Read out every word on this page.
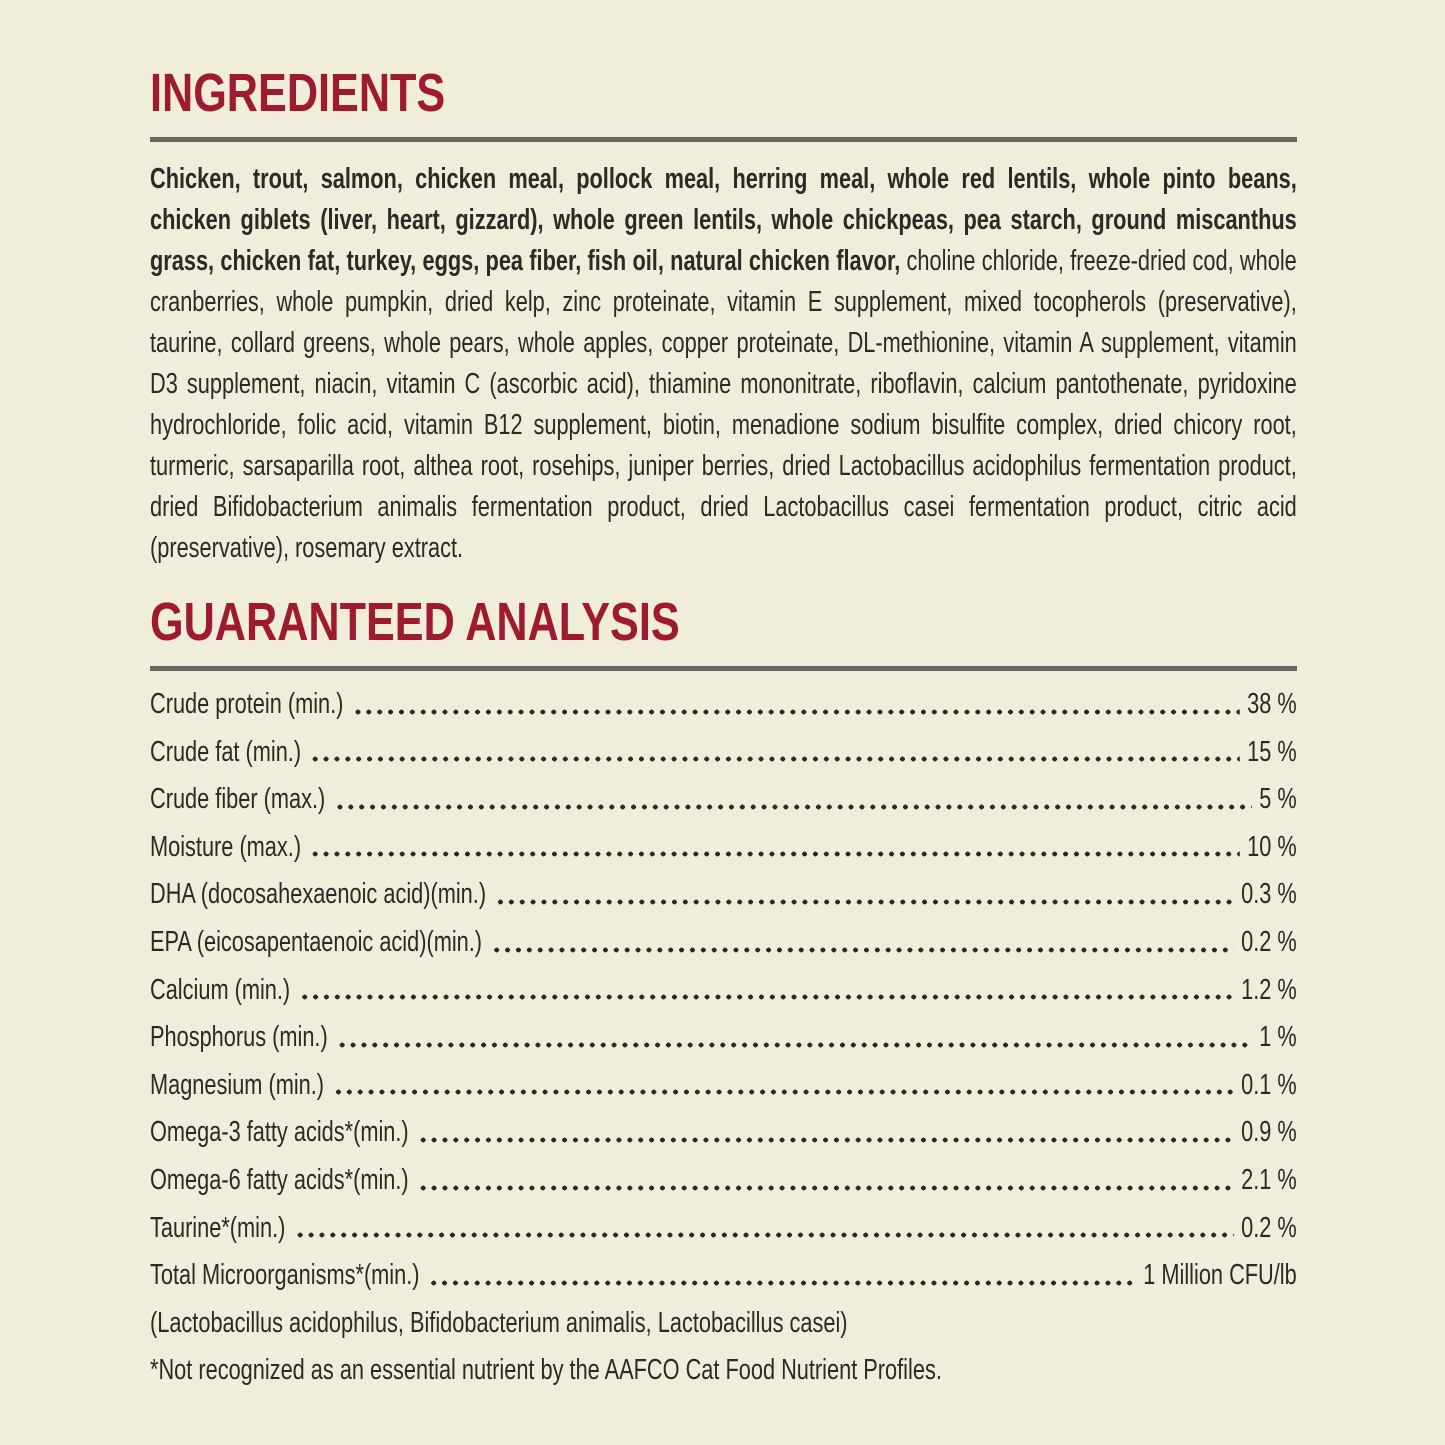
INGREDIENTS

Chicken, trout, salmon, chicken meal, pollock meal, herring meal, whole red lentils, whole pinto beans, chicken giblets (liver, heart, gizzard), whole green lentils, whole chickpeas, pea starch, ground miscanthus grass, chicken fat, turkey, eggs, pea fiber, fish oil, natural chicken flavor, choline chloride, freeze-dried cod, whole cranberries, whole pumpkin, dried kelp, zinc proteinate, vitamin E supplement, mixed tocopherols (preservative), taurine, collard greens, whole pears, whole apples, copper proteinate, DL-methionine, vitamin A supplement, vitamin D3 supplement, niacin, vitamin C (ascorbic acid), thiamine mononitrate, riboflavin, calcium pantothenate, pyridoxine hydrochloride, folic acid, vitamin B12 supplement, biotin, menadione sodium bisulfite complex, dried chicory root, turmeric, sarsaparilla root, althea root, rosehips, juniper berries, dried Lactobacillus acidophilus fermentation product, dried Bifidobacterium animalis fermentation product, dried Lactobacillus casei fermentation product, citric acid (preservative), rosemary extract.

GUARANTEED ANALYSIS
Crude protein (min.)	38 %
Crude fat (min.)	15 %
Crude fiber (max.)	5 %
Moisture (max.)	10 %
DHA (docosahexaenoic acid)(min.)	0.3 %
EPA (eicosapentaenoic acid)(min.)	0.2 %
Calcium (min.)	1.2 %
Phosphorus (min.)	1 %
Magnesium (min.)	0.1 %
Omega-3 fatty acids*(min.)	0.9 %
Omega-6 fatty acids*(min.)	2.1 %
Taurine*(min.)	0.2 %
Total Microorganisms*(min.)	1 Million CFU/lb

(Lactobacillus acidophilus, Bifidobacterium animalis, Lactobacillus casei)

*Not recognized as an essential nutrient by the AAFCO Cat Food Nutrient Profiles.
